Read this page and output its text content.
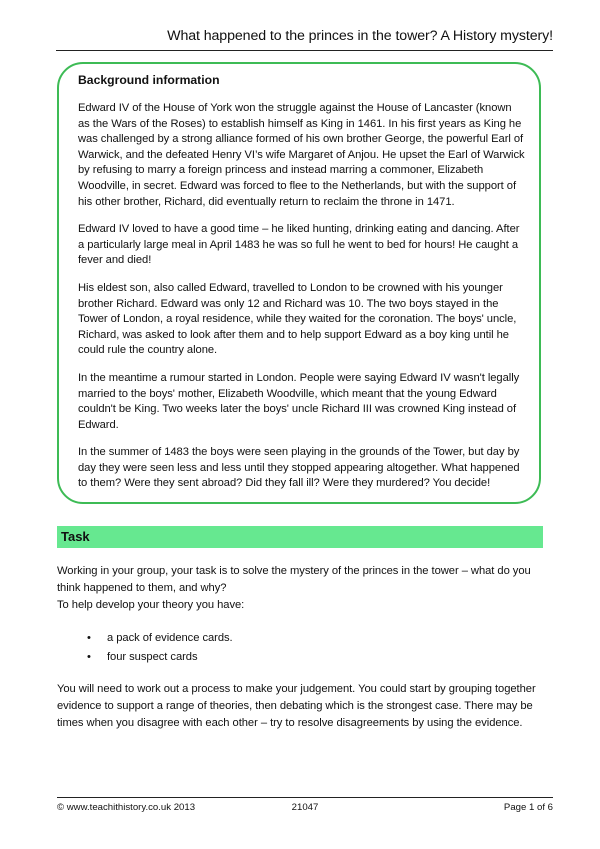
What happened to the princes in the tower? A History mystery!
Background information

Edward IV of the House of York won the struggle against the House of Lancaster (known as the Wars of the Roses) to establish himself as King in 1461. In his first years as King he was challenged by a strong alliance formed of his own brother George, the powerful Earl of Warwick, and the defeated Henry VI’s wife Margaret of Anjou. He upset the Earl of Warwick by refusing to marry a foreign princess and instead marring a commoner, Elizabeth Woodville, in secret. Edward was forced to flee to the Netherlands, but with the support of his other brother, Richard, did eventually return to reclaim the throne in 1471.

Edward IV loved to have a good time – he liked hunting, drinking eating and dancing. After a particularly large meal in April 1483 he was so full he went to bed for hours! He caught a fever and died!

His eldest son, also called Edward, travelled to London to be crowned with his younger brother Richard. Edward was only 12 and Richard was 10. The two boys stayed in the Tower of London, a royal residence, while they waited for the coronation. The boys' uncle, Richard, was asked to look after them and to help support Edward as a boy king until he could rule the country alone.

In the meantime a rumour started in London. People were saying Edward IV wasn't legally married to the boys' mother, Elizabeth Woodville, which meant that the young Edward couldn't be King. Two weeks later the boys' uncle Richard III was crowned King instead of Edward.

In the summer of 1483 the boys were seen playing in the grounds of the Tower, but day by day they were seen less and less until they stopped appearing altogether. What happened to them? Were they sent abroad? Did they fall ill? Were they murdered? You decide!

Task

Working in your group, your task is to solve the mystery of the princes in the tower – what do you think happened to them, and why?

To help develop your theory you have:

• a pack of evidence cards.
• four suspect cards

You will need to work out a process to make your judgement. You could start by grouping together evidence to support a range of theories, then debating which is the strongest case. There may be times when you disagree with each other – try to resolve disagreements by using the evidence.

© www.teachithistory.co.uk 2013	21047	Page 1 of 6
